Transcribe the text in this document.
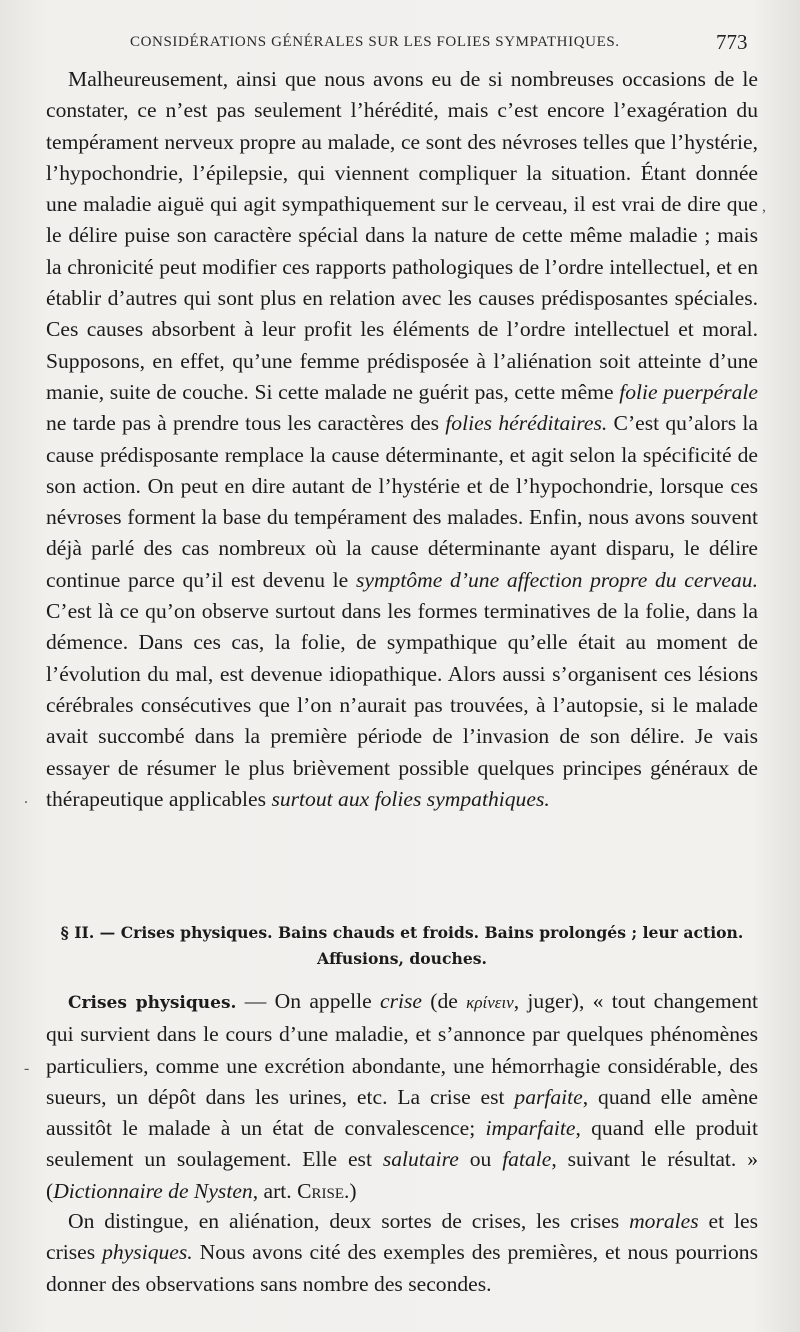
CONSIDÉRATIONS GÉNÉRALES SUR LES FOLIES SYMPATHIQUES.	773

Malheureusement, ainsi que nous avons eu de si nombreuses occasions de le constater, ce n’est pas seulement l’hérédité, mais c’est encore l’exagération du tempérament nerveux propre au malade, ce sont des névroses telles que l’hystérie, l’hypochondrie, l’épilepsie, qui viennent compliquer la situation. Étant donnée une maladie aiguë qui agit sympathiquement sur le cerveau, il est vrai de dire que le délire puise son caractère spécial dans la nature de cette même maladie ; mais la chronicité peut modifier ces rapports pathologiques de l’ordre intellectuel, et en établir d’autres qui sont plus en relation avec les causes prédisposantes spéciales. Ces causes absorbent à leur profit les éléments de l’ordre intellectuel et moral. Supposons, en effet, qu’une femme prédisposée à l’aliénation soit atteinte d’une manie, suite de couche. Si cette malade ne guérit pas, cette même folie puerpérale ne tarde pas à prendre tous les caractères des folies héréditaires. C’est qu’alors la cause prédisposante remplace la cause déterminante, et agit selon la spécificité de son action. On peut en dire autant de l’hystérie et de l’hypochondrie, lorsque ces névroses forment la base du tempérament des malades. Enfin, nous avons souvent déjà parlé des cas nombreux où la cause déterminante ayant disparu, le délire continue parce qu’il est devenu le symptôme d’une affection propre du cerveau. C’est là ce qu’on observe surtout dans les formes terminatives de la folie, dans la démence. Dans ces cas, la folie, de sympathique qu’elle était au moment de l’évolution du mal, est devenue idiopathique. Alors aussi s’organisent ces lésions cérébrales consécutives que l’on n’aurait pas trouvées, à l’autopsie, si le malade avait succombé dans la première période de l’invasion de son délire. Je vais essayer de résumer le plus brièvement possible quelques principes généraux de thérapeutique applicables surtout aux folies sympathiques.

§ II. — Crises physiques. Bains chauds et froids. Bains prolongés ; leur action.
Affusions, douches.

Crises physiques. — On appelle crise (de κρίνειν, juger), « tout changement qui survient dans le cours d’une maladie, et s’annonce par quelques phénomènes particuliers, comme une excrétion abondante, une hémorrhagie considérable, des sueurs, un dépôt dans les urines, etc. La crise est parfaite, quand elle amène aussitôt le malade à un état de convalescence; imparfaite, quand elle produit seulement un soulagement. Elle est salutaire ou fatale, suivant le résultat. » (Dictionnaire de Nysten, art. Crise.)

On distingue, en aliénation, deux sortes de crises, les crises morales et les crises physiques. Nous avons cité des exemples des premières, et nous pourrions donner des observations sans nombre des secondes.

,
.
-
